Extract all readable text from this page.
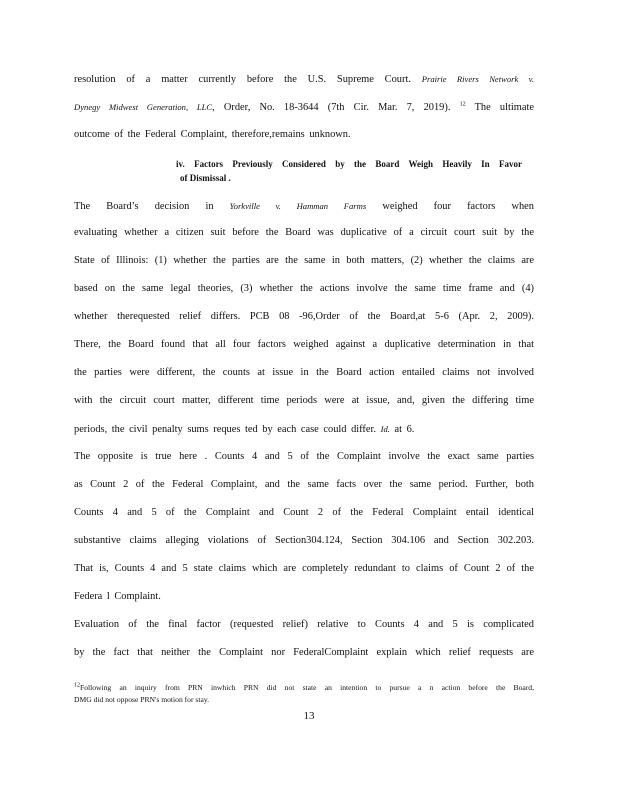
resolution of a matter currently before the U.S. Supreme Court. Prairie Rivers Network v.
Dynegy Midwest Generation, LLC, Order, No. 18-3644 (7th Cir. Mar. 7, 2019). $^{12}$ The ultimate
outcome of the Federal Complaint, therefore,remains unknown.
iv. Factors Previously Considered by the Board Weigh Heavily In Favor
of Dismissal .
The Board’s decision in Yorkville v. Hamman Farms weighed four factors when
evaluating whether a citizen suit before the Board was duplicative of a circuit court suit by the
State of Illinois: (1) whether the parties are the same in both matters, (2) whether the claims are
based on the same legal theories, (3) whether the actions involve the same time frame and (4)
whether therequested relief differs. PCB 08 -96,Order of the Board,at 5-6 (Apr. 2, 2009).
There, the Board found that all four factors weighed against a duplicative determination in that
the parties were different, the counts at issue in the Board action entailed claims not involved
with the circuit court matter, different time periods were at issue, and, given the differing time
periods, the civil penalty sums reques ted by each case could differ. Id. at 6.
The opposite is true here . Counts 4 and 5 of the Complaint involve the exact same parties
as Count 2 of the Federal Complaint, and the same facts over the same period. Further, both
Counts 4 and 5 of the Complaint and Count 2 of the Federal Complaint entail identical
substantive claims alleging violations of Section304.124, Section 304.106 and Section 302.203.
That is, Counts 4 and 5 state claims which are completely redundant to claims of Count 2 of the
Federa l Complaint.
Evaluation of the final factor (requested relief) relative to Counts 4 and 5 is complicated
by the fact that neither the Complaint nor FederalComplaint explain which relief requests are
$^{12}$Following an inquiry from PRN inwhich PRN did not state an intention to pursue a n action before the Board,
DMG did not oppose PRN's motion for stay.
13
